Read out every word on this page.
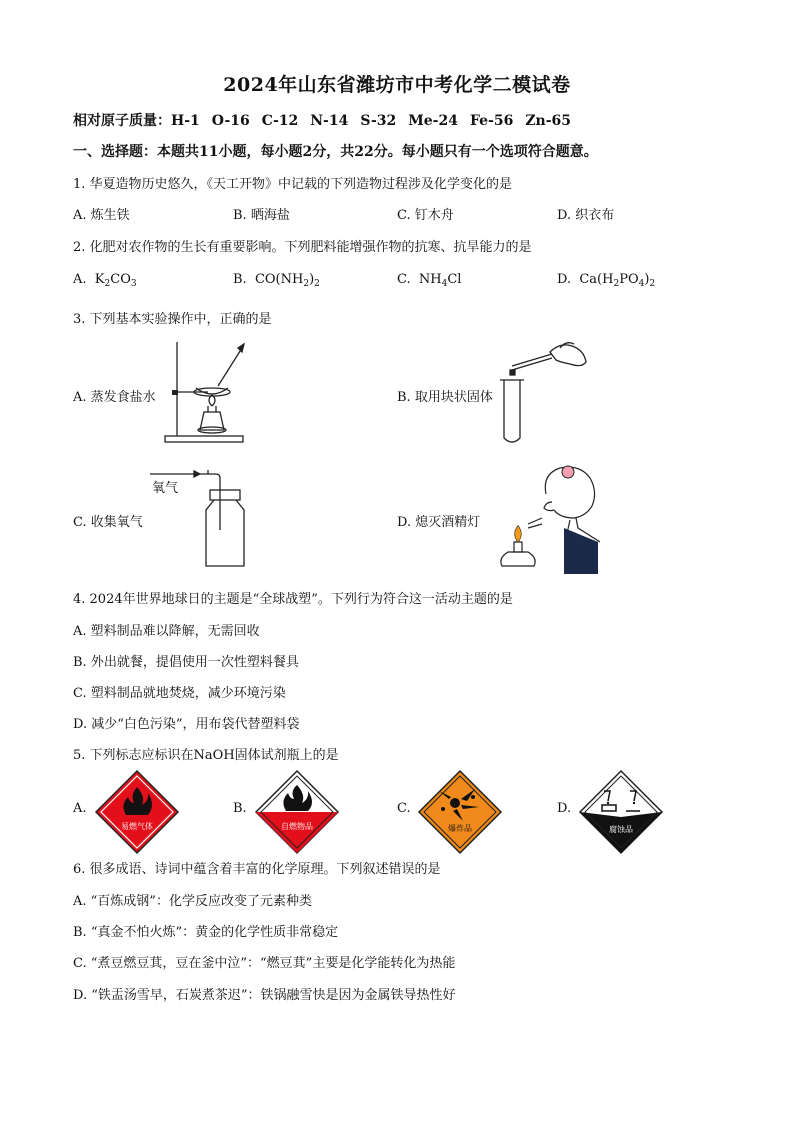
2024年山东省潍坊市中考化学二模试卷
相对原子质量：H-1 O-16 C-12 N-14 S-32 Me-24 Fe-56 Zn-65
一、选择题：本题共11小题，每小题2分，共22分。每小题只有一个选项符合题意。
1. 华夏造物历史悠久，《天工开物》中记载的下列造物过程涉及化学变化的是
A. 炼生铁	B. 晒海盐	C. 钉木舟	D. 织衣布
2. 化肥对农作物的生长有重要影响。下列肥料能增强作物的抗寒、抗旱能力的是
A. $K_2CO_3$	B. $CO(NH_2)_2$	C. $NH_4Cl$	D. $Ca(H_2PO_4)_2$
3. 下列基本实验操作中，正确的是
A. 蒸发食盐水	B. 取用块状固体
C. 收集氧气
氧气
D. 熄灭酒精灯
4. 2024年世界地球日的主题是“全球战塑”。下列行为符合这一活动主题的是
A. 塑料制品难以降解，无需回收
B. 外出就餐，提倡使用一次性塑料餐具
C. 塑料制品就地焚烧，减少环境污染
D. 减少“白色污染”，用布袋代替塑料袋
5. 下列标志应标识在NaOH固体试剂瓶上的是
A.
易燃气体
B.
自燃物品
C.
爆炸品
D.
腐蚀品
6. 很多成语、诗词中蕴含着丰富的化学原理。下列叙述错误的是
A. “百炼成钢”：化学反应改变了元素种类
B. “真金不怕火炼”：黄金的化学性质非常稳定
C. “煮豆燃豆萁，豆在釜中泣”：“燃豆萁”主要是化学能转化为热能
D. “铁盂汤雪早，石炭煮茶迟”：铁锅融雪快是因为金属铁导热性好
